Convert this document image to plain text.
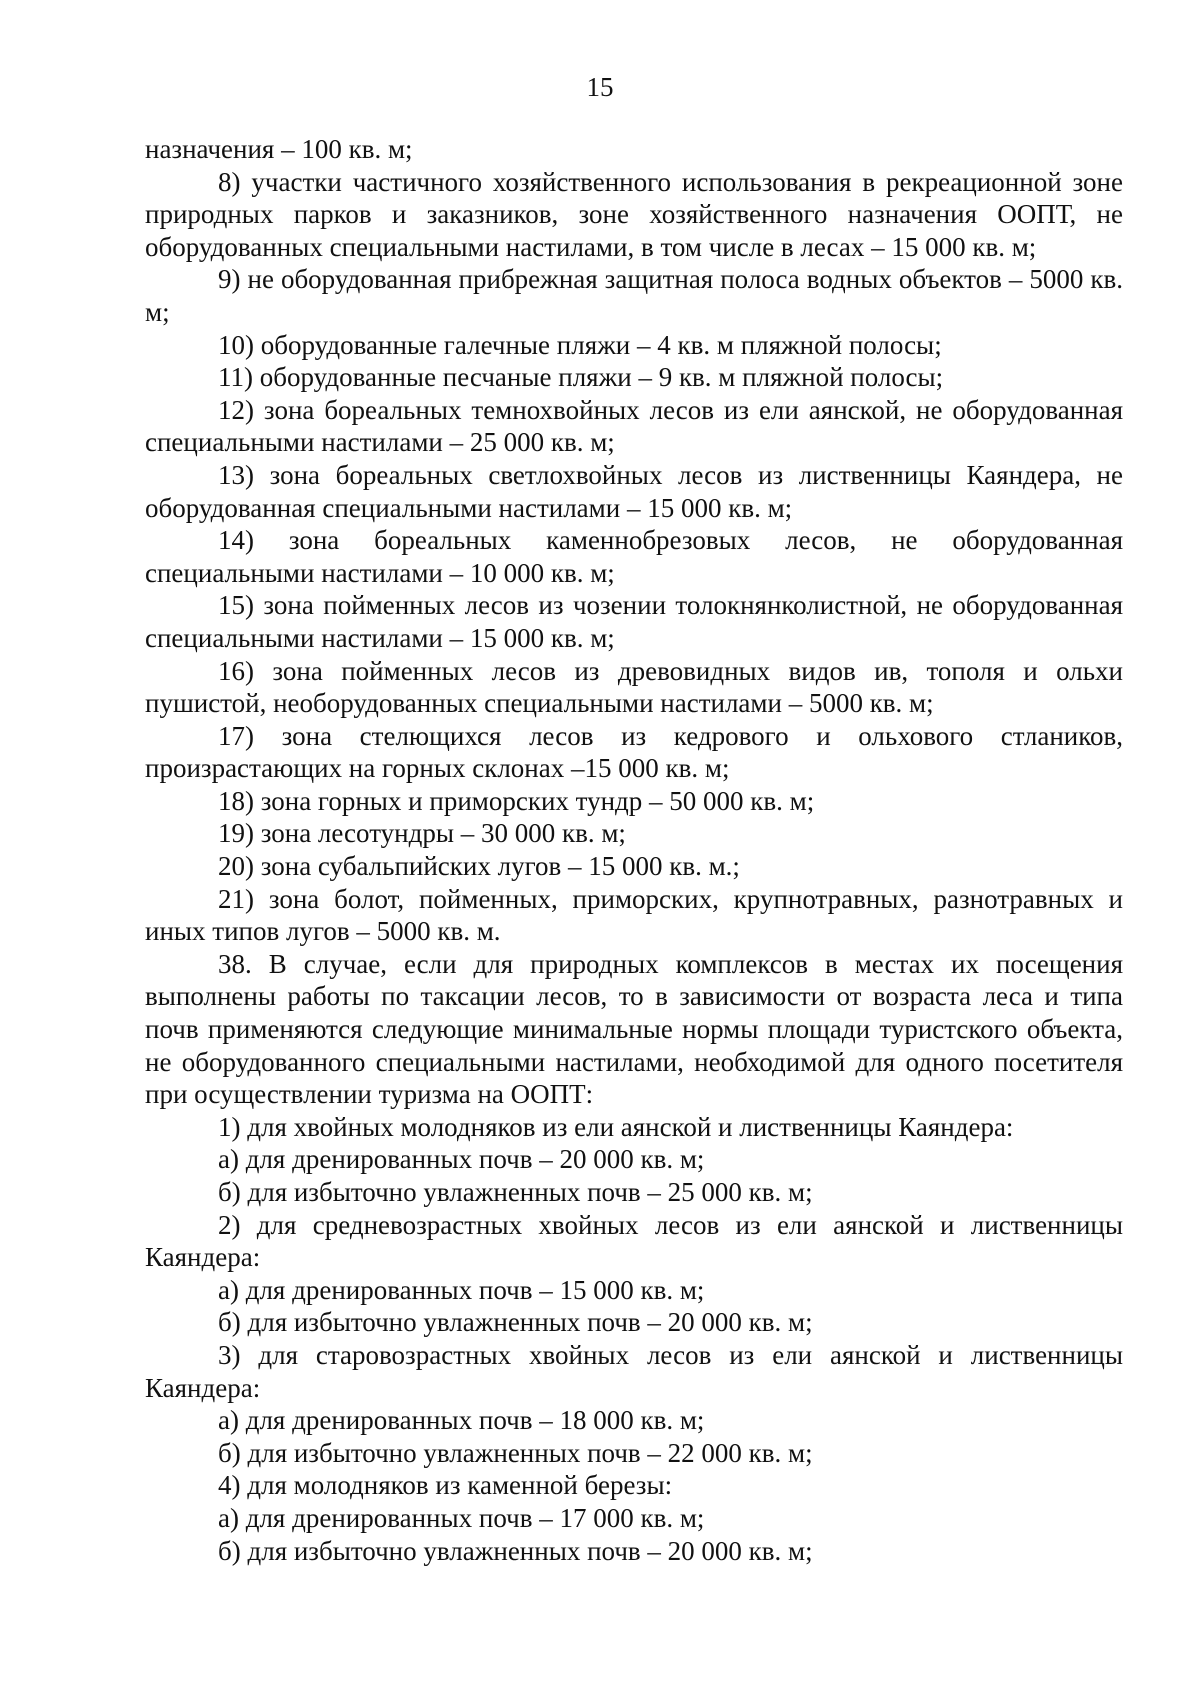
15

назначения – 100 кв. м;

8) участки частичного хозяйственного использования в рекреационной зоне природных парков и заказников, зоне хозяйственного назначения ООПТ, не оборудованных специальными настилами, в том числе в лесах – 15 000 кв. м;

9) не оборудованная прибрежная защитная полоса водных объектов – 5000 кв. м;

10) оборудованные галечные пляжи – 4 кв. м пляжной полосы;

11) оборудованные песчаные пляжи – 9 кв. м пляжной полосы;

12) зона бореальных темнохвойных лесов из ели аянской, не оборудованная специальными настилами – 25 000 кв. м;

13) зона бореальных светлохвойных лесов из лиственницы Каяндера, не оборудованная специальными настилами – 15 000 кв. м;

14) зона бореальных каменнобрезовых лесов, не оборудованная специальными настилами – 10 000 кв. м;

15) зона пойменных лесов из чозении толокнянколистной, не оборудованная специальными настилами – 15 000 кв. м;

16) зона пойменных лесов из древовидных видов ив, тополя и ольхи пушистой, необорудованных специальными настилами – 5000 кв. м;

17) зона стелющихся лесов из кедрового и ольхового стлаников, произрастающих на горных склонах –15 000 кв. м;

18) зона горных и приморских тундр – 50 000 кв. м;

19) зона лесотундры – 30 000 кв. м;

20) зона субальпийских лугов – 15 000 кв. м.;

21) зона болот, пойменных, приморских, крупнотравных, разнотравных и иных типов лугов – 5000 кв. м.

38. В случае, если для природных комплексов в местах их посещения выполнены работы по таксации лесов, то в зависимости от возраста леса и типа почв применяются следующие минимальные нормы площади туристского объекта, не оборудованного специальными настилами, необходимой для одного посетителя при осуществлении туризма на ООПТ:

1) для хвойных молодняков из ели аянской и лиственницы Каяндера:

а) для дренированных почв – 20 000 кв. м;

б) для избыточно увлажненных почв – 25 000 кв. м;

2) для средневозрастных хвойных лесов из ели аянской и лиственницы Каяндера:

а) для дренированных почв – 15 000 кв. м;

б) для избыточно увлажненных почв – 20 000 кв. м;

3) для старовозрастных хвойных лесов из ели аянской и лиственницы Каяндера:

а) для дренированных почв – 18 000 кв. м;

б) для избыточно увлажненных почв – 22 000 кв. м;

4) для молодняков из каменной березы:

а) для дренированных почв – 17 000 кв. м;

б) для избыточно увлажненных почв – 20 000 кв. м;
